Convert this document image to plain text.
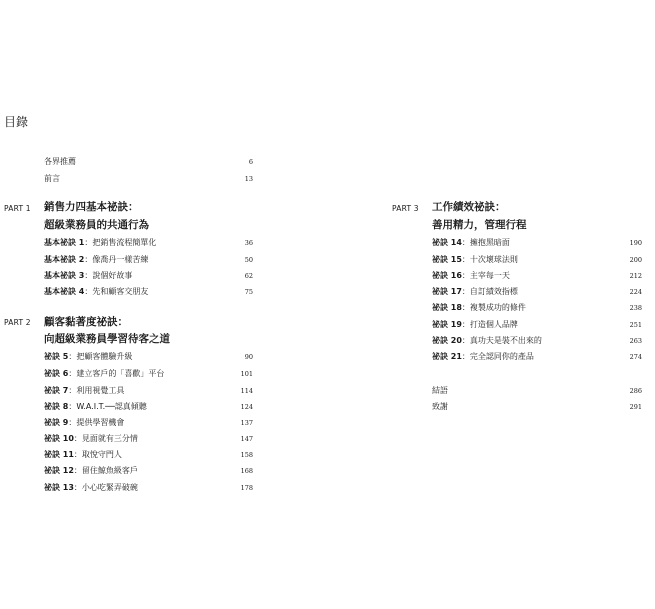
目錄
各界推薦	6
前言	13
PART 1 銷售力四基本祕訣：
超級業務員的共通行為
基本祕訣 1：把銷售流程簡單化	36
基本祕訣 2：像喬丹一樣苦練	50
基本祕訣 3：說個好故事	62
基本祕訣 4：先和顧客交朋友	75
PART 2 顧客黏著度祕訣：
向超級業務員學習待客之道
祕訣 5：把顧客體驗升級	90
祕訣 6：建立客戶的「喜歡」平台	101
祕訣 7：利用視覺工具	114
祕訣 8：W.A.I.T.──認真傾聽	124
祕訣 9：提供學習機會	137
祕訣 10：見面就有三分情	147
祕訣 11：取悅守門人	158
祕訣 12：留住鯨魚級客戶	168
祕訣 13：小心吃緊弄破碗	178
PART 3 工作績效祕訣：
善用精力，管理行程
祕訣 14：擁抱黑暗面	190
祕訣 15：十次壞球法則	200
祕訣 16：主宰每一天	212
祕訣 17：自訂績效指標	224
祕訣 18：複製成功的條件	238
祕訣 19：打造個人品牌	251
祕訣 20：真功夫是裝不出來的	263
祕訣 21：完全認同你的產品	274
結語	286
致謝	291
